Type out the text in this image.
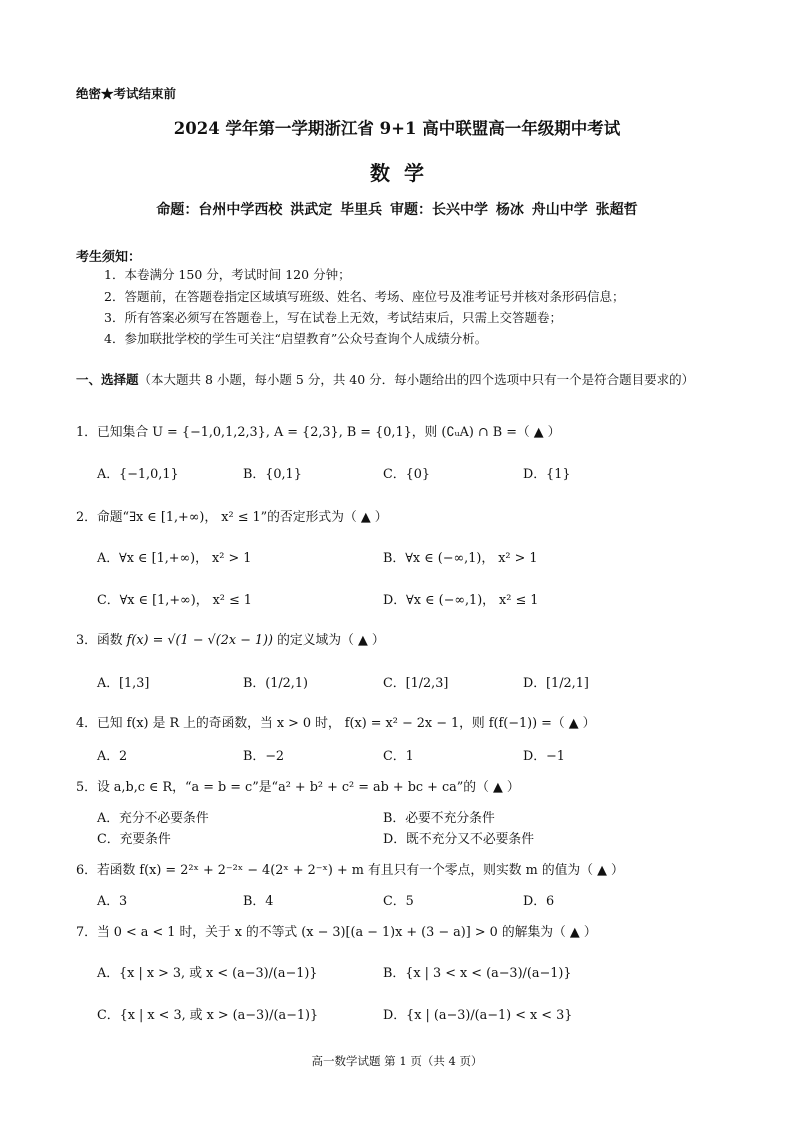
绝密★考试结束前
2024 学年第一学期浙江省 9+1 高中联盟高一年级期中考试
数学
命题：台州中学西校 洪武定 毕里兵 审题：长兴中学 杨冰 舟山中学 张超哲
考生须知：
1．本卷满分 150 分，考试时间 120 分钟；
2．答题前，在答题卷指定区域填写班级、姓名、考场、座位号及准考证号并核对条形码信息；
3．所有答案必须写在答题卷上，写在试卷上无效，考试结束后，只需上交答题卷；
4．参加联批学校的学生可关注“启望教育”公众号查询个人成绩分析。
一、选择题（本大题共 8 小题，每小题 5 分，共 40 分．每小题给出的四个选项中只有一个是符合题目要求的）
1．已知集合 U = {−1,0,1,2,3}, A = {2,3}, B = {0,1}，则 (∁ᵤA) ∩ B =（ ▲ ）
A．{−1,0,1}	B．{0,1}	C．{0}	D．{1}
2．命题“∃x ∈ [1,+∞)， x² ≤ 1”的否定形式为（ ▲ ）
A．∀x ∈ [1,+∞)， x² > 1	B．∀x ∈ (−∞,1)， x² > 1
C．∀x ∈ [1,+∞)， x² ≤ 1	D．∀x ∈ (−∞,1)， x² ≤ 1
3．函数 f(x) = √(1 − √(2x − 1)) 的定义域为（ ▲ ）
A．[1,3]	B．(1/2,1)	C．[1/2,3]	D．[1/2,1]
4．已知 f(x) 是 R 上的奇函数，当 x > 0 时， f(x) = x² − 2x − 1，则 f(f(−1)) =（ ▲ ）
A．2	B．−2	C．1	D．−1
5．设 a,b,c ∈ R，“a = b = c”是“a² + b² + c² = ab + bc + ca”的（ ▲ ）
A．充分不必要条件	B．必要不充分条件
C．充要条件	D．既不充分又不必要条件
6．若函数 f(x) = 2²ˣ + 2⁻²ˣ − 4(2ˣ + 2⁻ˣ) + m 有且只有一个零点，则实数 m 的值为（ ▲ ）
A．3	B．4	C．5	D．6
7．当 0 < a < 1 时，关于 x 的不等式 (x − 3)[(a − 1)x + (3 − a)] > 0 的解集为（ ▲ ）
A．{x | x > 3, 或 x < (a−3)/(a−1)}	B．{x | 3 < x < (a−3)/(a−1)}
C．{x | x < 3, 或 x > (a−3)/(a−1)}	D．{x | (a−3)/(a−1) < x < 3}
高一数学试题 第 1 页（共 4 页）
